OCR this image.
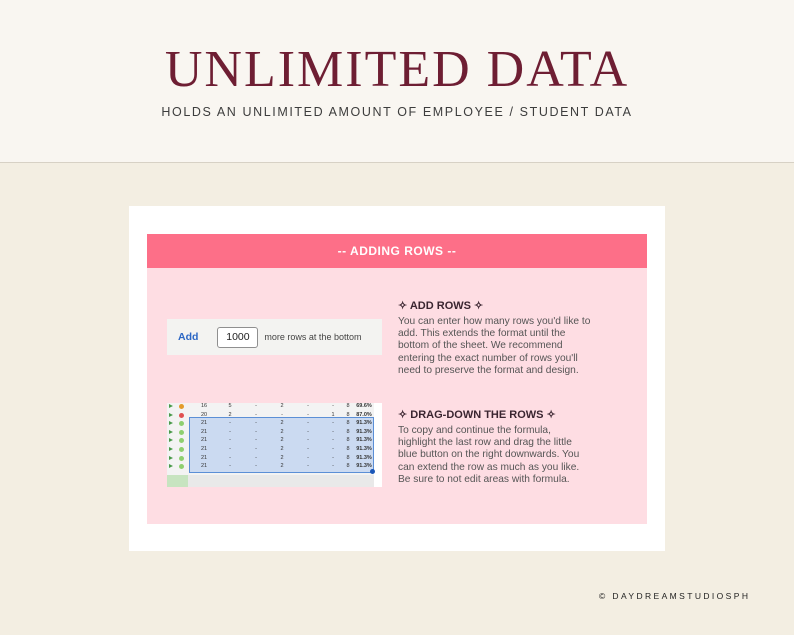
UNLIMITED DATA
HOLDS AN UNLIMITED AMOUNT OF EMPLOYEE / STUDENT DATA
-- ADDING ROWS --
Add	1000	more rows at the bottom
16	5	-	2	-	-	8	69.6%
20	2	-	-	-	1	8	87.0%
21	-	-	2	-	-	8	91.3%
21	-	-	2	-	-	8	91.3%
21	-	-	2	-	-	8	91.3%
21	-	-	2	-	-	8	91.3%
21	-	-	2	-	-	8	91.3%
21	-	-	2	-	-	8	91.3%
✧ ADD ROWS ✧
You can enter how many rows you'd like to
add. This extends the format until the
bottom of the sheet. We recommend
entering the exact number of rows you'll
need to preserve the format and design.
✧ DRAG-DOWN THE ROWS ✧
To copy and continue the formula,
highlight the last row and drag the little
blue button on the right downwards. You
can extend the row as much as you like.
Be sure to not edit areas with formula.
© DAYDREAMSTUDIOSPH
